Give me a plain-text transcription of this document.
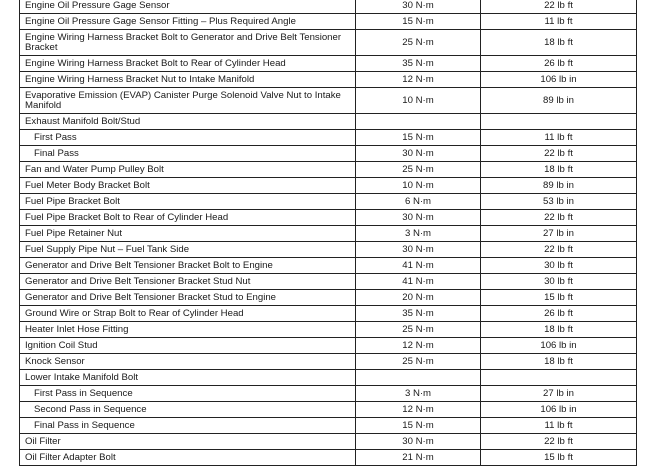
Engine Oil Pressure Gage Sensor	30 N·m	22 lb ft
Engine Oil Pressure Gage Sensor Fitting – Plus Required Angle	15 N·m	11 lb ft
Engine Wiring Harness Bracket Bolt to Generator and Drive Belt Tensioner Bracket	25 N·m	18 lb ft
Engine Wiring Harness Bracket Bolt to Rear of Cylinder Head	35 N·m	26 lb ft
Engine Wiring Harness Bracket Nut to Intake Manifold	12 N·m	106 lb in
Evaporative Emission (EVAP) Canister Purge Solenoid Valve Nut to Intake Manifold	10 N·m	89 lb in
Exhaust Manifold Bolt/Stud		
First Pass	15 N·m	11 lb ft
Final Pass	30 N·m	22 lb ft
Fan and Water Pump Pulley Bolt	25 N·m	18 lb ft
Fuel Meter Body Bracket Bolt	10 N·m	89 lb in
Fuel Pipe Bracket Bolt	6 N·m	53 lb in
Fuel Pipe Bracket Bolt to Rear of Cylinder Head	30 N·m	22 lb ft
Fuel Pipe Retainer Nut	3 N·m	27 lb in
Fuel Supply Pipe Nut – Fuel Tank Side	30 N·m	22 lb ft
Generator and Drive Belt Tensioner Bracket Bolt to Engine	41 N·m	30 lb ft
Generator and Drive Belt Tensioner Bracket Stud Nut	41 N·m	30 lb ft
Generator and Drive Belt Tensioner Bracket Stud to Engine	20 N·m	15 lb ft
Ground Wire or Strap Bolt to Rear of Cylinder Head	35 N·m	26 lb ft
Heater Inlet Hose Fitting	25 N·m	18 lb ft
Ignition Coil Stud	12 N·m	106 lb in
Knock Sensor	25 N·m	18 lb ft
Lower Intake Manifold Bolt		
First Pass in Sequence	3 N·m	27 lb in
Second Pass in Sequence	12 N·m	106 lb in
Final Pass in Sequence	15 N·m	11 lb ft
Oil Filter	30 N·m	22 lb ft
Oil Filter Adapter Bolt	21 N·m	15 lb ft
